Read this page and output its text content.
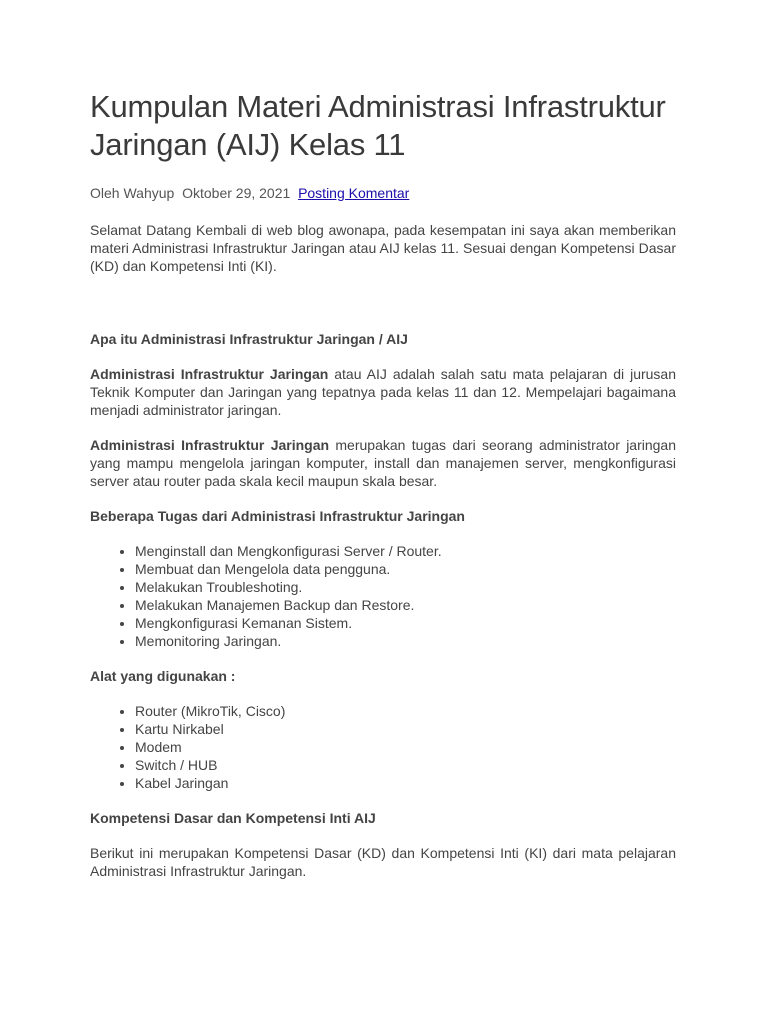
Kumpulan Materi Administrasi Infrastruktur Jaringan (AIJ) Kelas 11
Oleh Wahyup Oktober 29, 2021 Posting Komentar

Selamat Datang Kembali di web blog awonapa, pada kesempatan ini saya akan memberikan materi Administrasi Infrastruktur Jaringan atau AIJ kelas 11. Sesuai dengan Kompetensi Dasar (KD) dan Kompetensi Inti (KI).

Apa itu Administrasi Infrastruktur Jaringan / AIJ

Administrasi Infrastruktur Jaringan atau AIJ adalah salah satu mata pelajaran di jurusan Teknik Komputer dan Jaringan yang tepatnya pada kelas 11 dan 12. Mempelajari bagaimana menjadi administrator jaringan.

Administrasi Infrastruktur Jaringan merupakan tugas dari seorang administrator jaringan yang mampu mengelola jaringan komputer, install dan manajemen server, mengkonfigurasi server atau router pada skala kecil maupun skala besar.

Beberapa Tugas dari Administrasi Infrastruktur Jaringan
• Menginstall dan Mengkonfigurasi Server / Router.
• Membuat dan Mengelola data pengguna.
• Melakukan Troubleshoting.
• Melakukan Manajemen Backup dan Restore.
• Mengkonfigurasi Kemanan Sistem.
• Memonitoring Jaringan.
Alat yang digunakan :
• Router (MikroTik, Cisco)
• Kartu Nirkabel
• Modem
• Switch / HUB
• Kabel Jaringan
Kompetensi Dasar dan Kompetensi Inti AIJ

Berikut ini merupakan Kompetensi Dasar (KD) dan Kompetensi Inti (KI) dari mata pelajaran Administrasi Infrastruktur Jaringan.
